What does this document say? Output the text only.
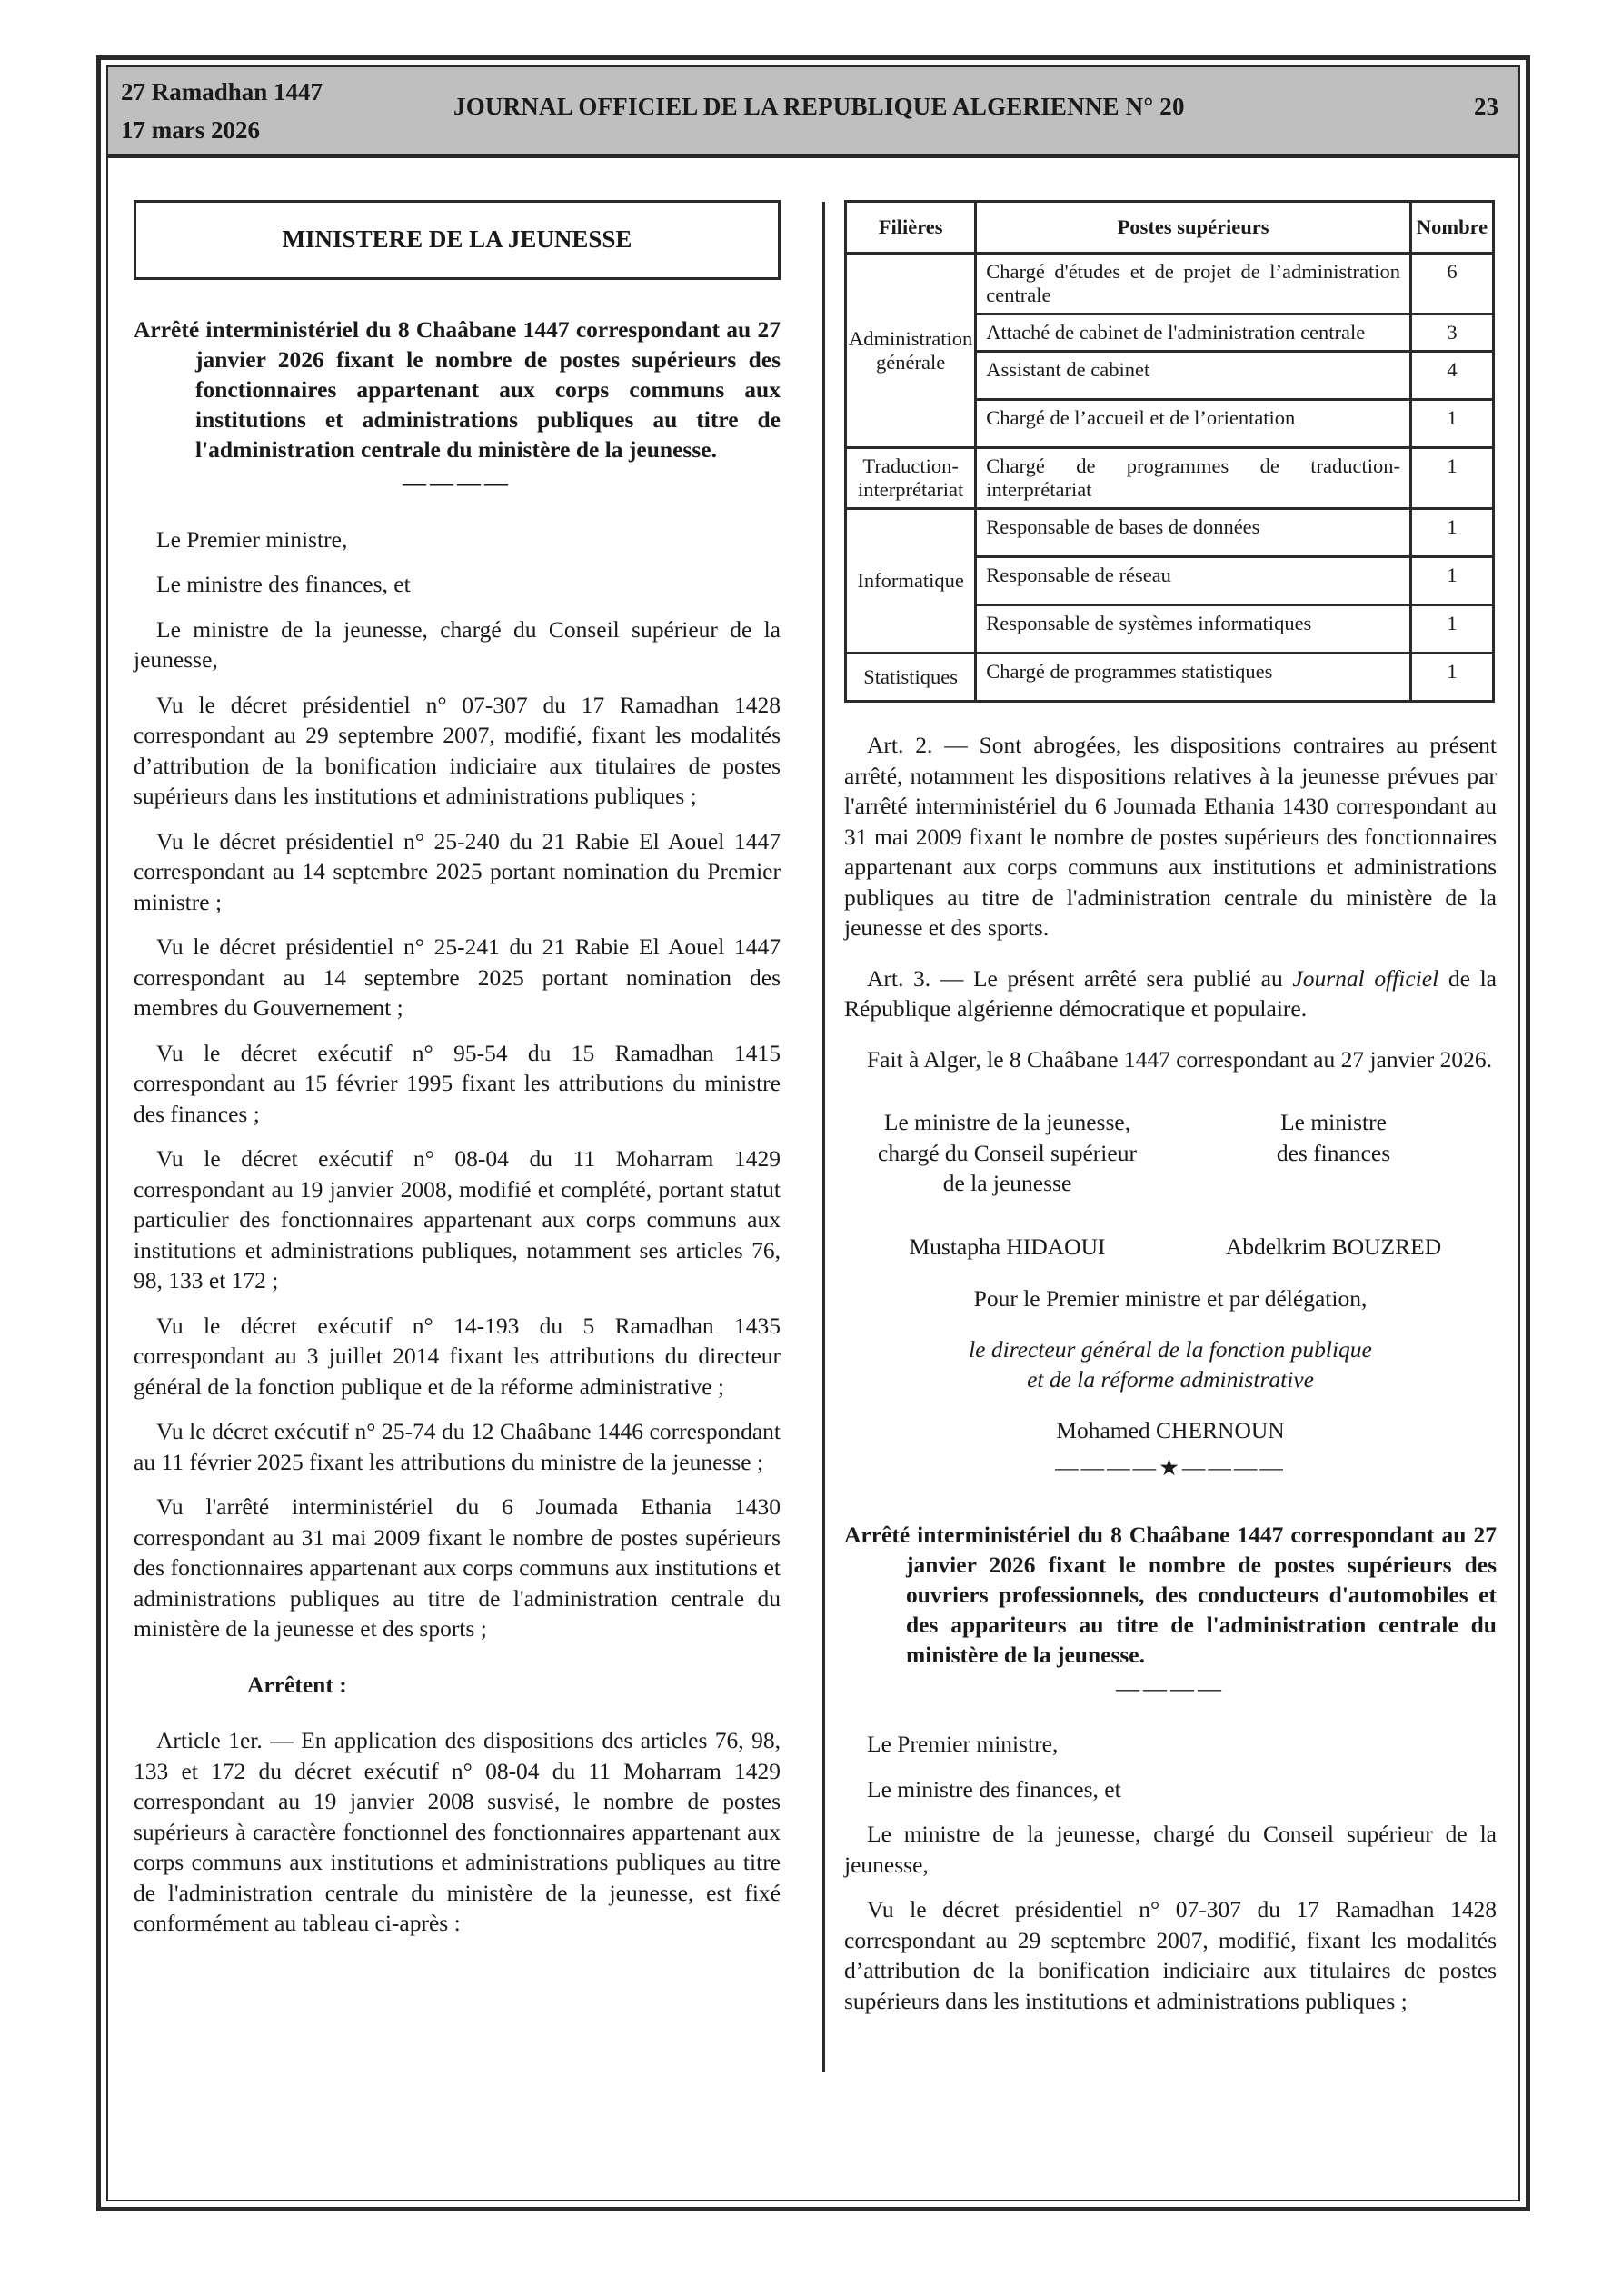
27 Ramadhan 1447
17 mars 2026
JOURNAL OFFICIEL DE LA REPUBLIQUE ALGERIENNE N° 20	23
MINISTERE DE LA JEUNESSE

Arrêté interministériel du 8 Chaâbane 1447 correspondant au 27 janvier 2026 fixant le nombre de postes supérieurs des fonctionnaires appartenant aux corps communs aux institutions et administrations publiques au titre de l'administration centrale du ministère de la jeunesse.

————

Le Premier ministre,

Le ministre des finances, et

Le ministre de la jeunesse, chargé du Conseil supérieur de la jeunesse,

Vu le décret présidentiel n° 07-307 du 17 Ramadhan 1428 correspondant au 29 septembre 2007, modifié, fixant les modalités d’attribution de la bonification indiciaire aux titulaires de postes supérieurs dans les institutions et administrations publiques ;

Vu le décret présidentiel n° 25-240 du 21 Rabie El Aouel 1447 correspondant au 14 septembre 2025 portant nomination du Premier ministre ;

Vu le décret présidentiel n° 25-241 du 21 Rabie El Aouel 1447 correspondant au 14 septembre 2025 portant nomination des membres du Gouvernement ;

Vu le décret exécutif n° 95-54 du 15 Ramadhan 1415 correspondant au 15 février 1995 fixant les attributions du ministre des finances ;

Vu le décret exécutif n° 08-04 du 11 Moharram 1429 correspondant au 19 janvier 2008, modifié et complété, portant statut particulier des fonctionnaires appartenant aux corps communs aux institutions et administrations publiques, notamment ses articles 76, 98, 133 et 172 ;

Vu le décret exécutif n° 14-193 du 5 Ramadhan 1435 correspondant au 3 juillet 2014 fixant les attributions du directeur général de la fonction publique et de la réforme administrative ;

Vu le décret exécutif n° 25-74 du 12 Chaâbane 1446 correspondant au 11 février 2025 fixant les attributions du ministre de la jeunesse ;

Vu l'arrêté interministériel du 6 Joumada Ethania 1430 correspondant au 31 mai 2009 fixant le nombre de postes supérieurs des fonctionnaires appartenant aux corps communs aux institutions et administrations publiques au titre de l'administration centrale du ministère de la jeunesse et des sports ;

Arrêtent :

Article 1er. — En application des dispositions des articles 76, 98, 133 et 172 du décret exécutif n° 08-04 du 11 Moharram 1429 correspondant au 19 janvier 2008 susvisé, le nombre de postes supérieurs à caractère fonctionnel des fonctionnaires appartenant aux corps communs aux institutions et administrations publiques au titre de l'administration centrale du ministère de la jeunesse, est fixé conformément au tableau ci-après :

Filières	Postes supérieurs	Nombre
Administration générale	Chargé d'études et de projet de l’administration centrale	6
	Attaché de cabinet de l'administration centrale	3
	Assistant de cabinet	4
	Chargé de l’accueil et de l’orientation	1
Traduction-interprétariat	Chargé de programmes de traduction-interprétariat	1
Informatique	Responsable de bases de données	1
	Responsable de réseau	1
	Responsable de systèmes informatiques	1
Statistiques	Chargé de programmes statistiques	1

Art. 2. — Sont abrogées, les dispositions contraires au présent arrêté, notamment les dispositions relatives à la jeunesse prévues par l'arrêté interministériel du 6 Joumada Ethania 1430 correspondant au 31 mai 2009 fixant le nombre de postes supérieurs des fonctionnaires appartenant aux corps communs aux institutions et administrations publiques au titre de l'administration centrale du ministère de la jeunesse et des sports.

Art. 3. — Le présent arrêté sera publié au Journal officiel de la République algérienne démocratique et populaire.

Fait à Alger, le 8 Chaâbane 1447 correspondant au 27 janvier 2026.

Le ministre de la jeunesse,
chargé du Conseil supérieur
de la jeunesse
Le ministre
des finances
Mustapha HIDAOUI	Abdelkrim BOUZRED
Pour le Premier ministre et par délégation,
le directeur général de la fonction publique
et de la réforme administrative
Mohamed CHERNOUN
————★————

Arrêté interministériel du 8 Chaâbane 1447 correspondant au 27 janvier 2026 fixant le nombre de postes supérieurs des ouvriers professionnels, des conducteurs d'automobiles et des appariteurs au titre de l'administration centrale du ministère de la jeunesse.

————

Le Premier ministre,

Le ministre des finances, et

Le ministre de la jeunesse, chargé du Conseil supérieur de la jeunesse,

Vu le décret présidentiel n° 07-307 du 17 Ramadhan 1428 correspondant au 29 septembre 2007, modifié, fixant les modalités d’attribution de la bonification indiciaire aux titulaires de postes supérieurs dans les institutions et administrations publiques ;
